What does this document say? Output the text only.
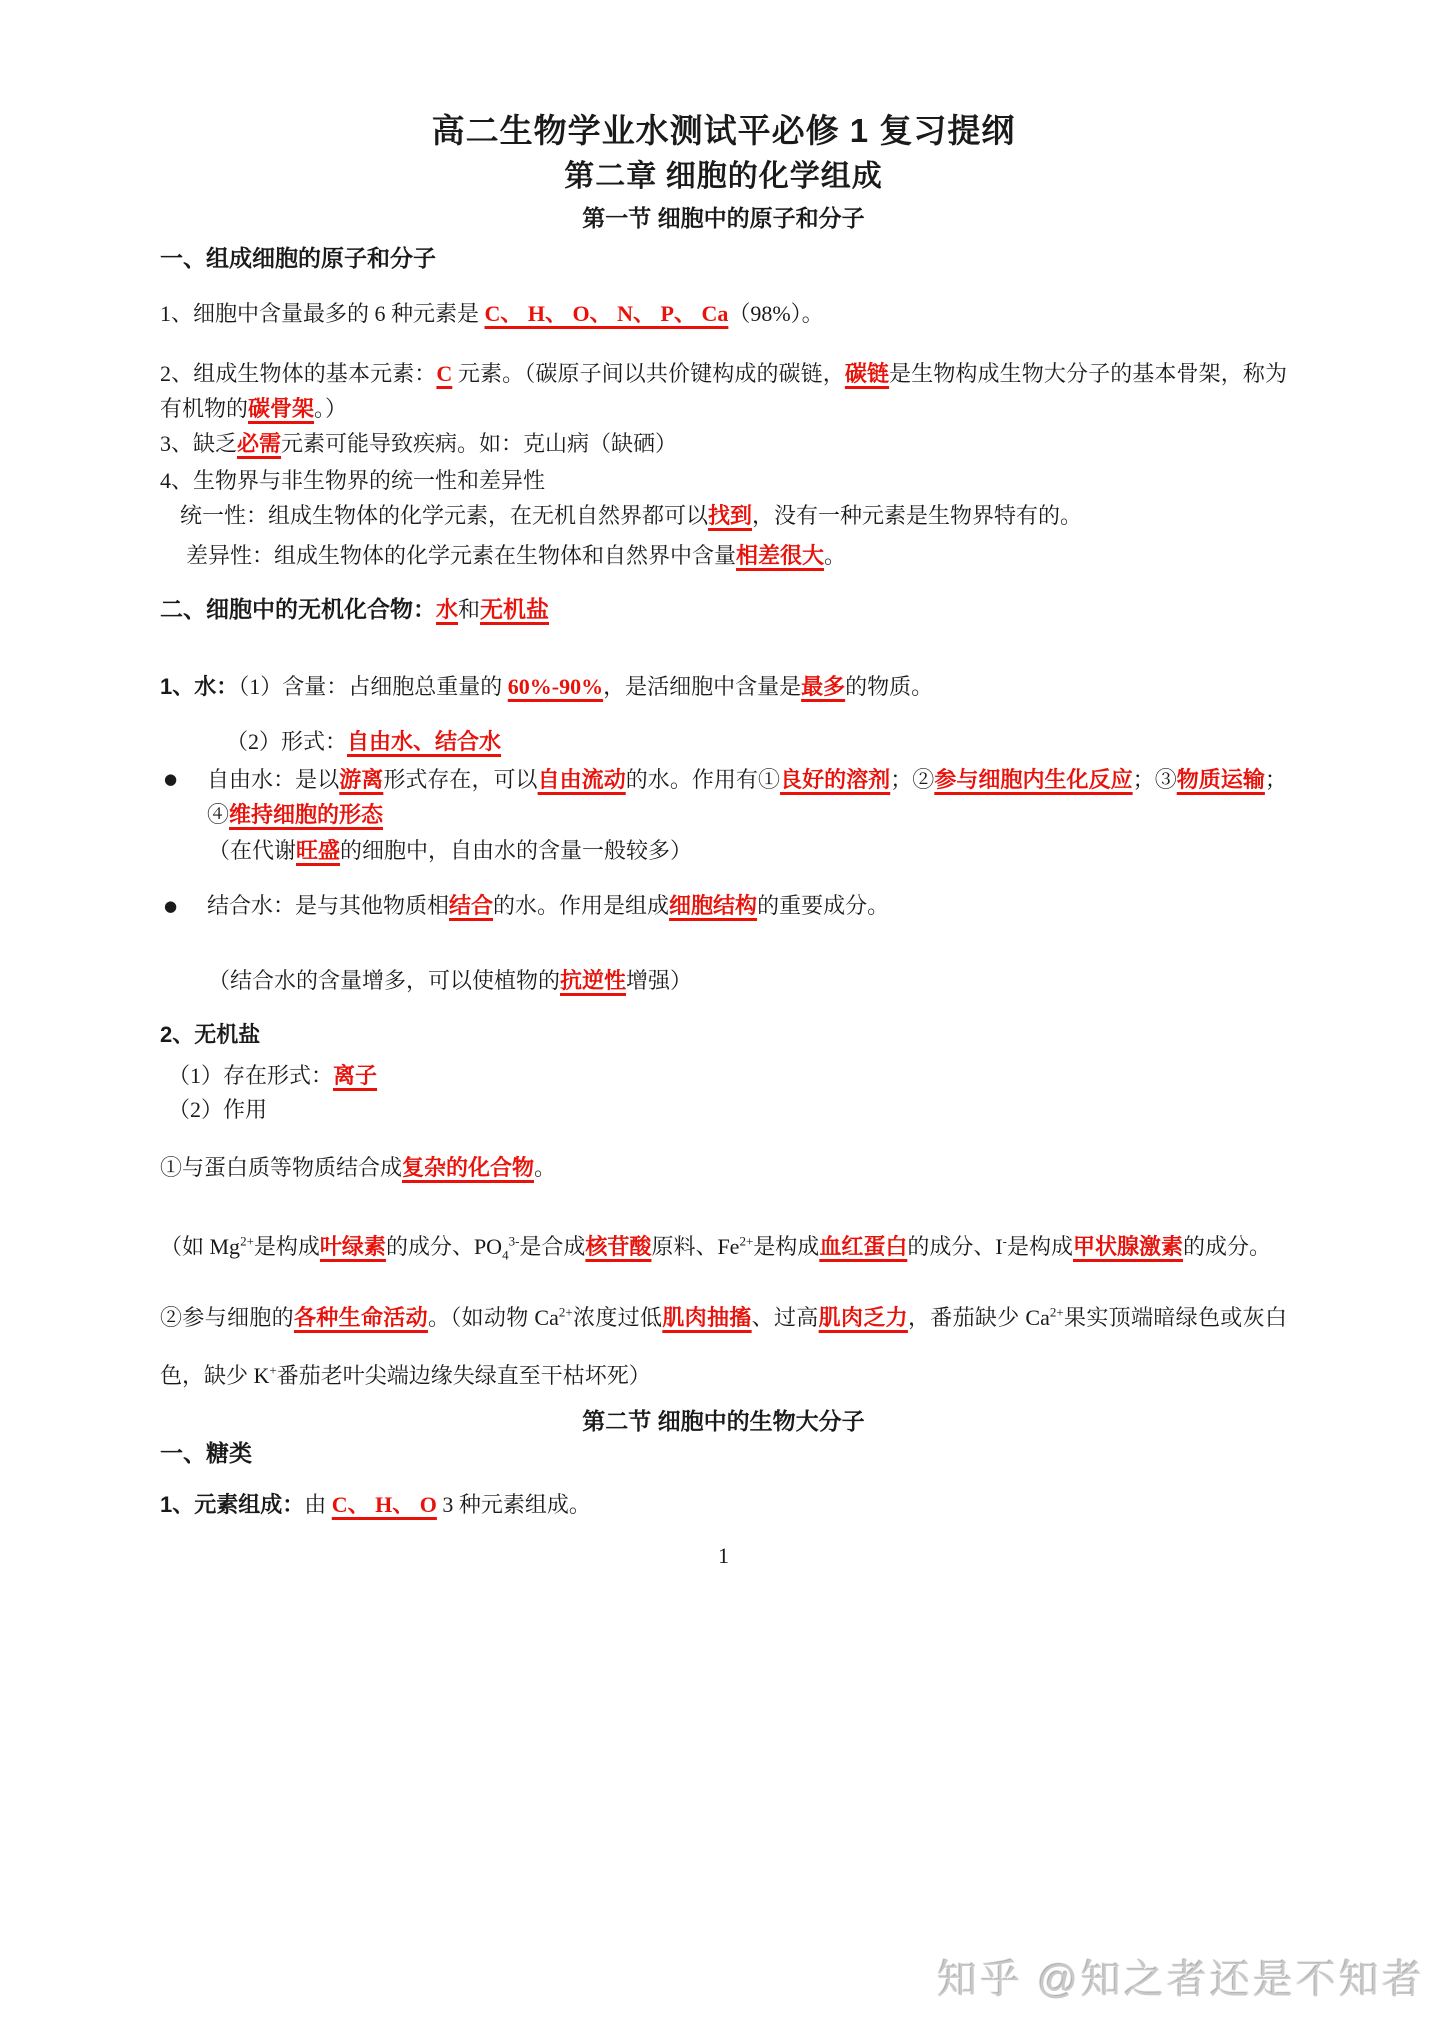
高二生物学业水测试平必修 1 复习提纲
第二章 细胞的化学组成
第一节 细胞中的原子和分子
一、组成细胞的原子和分子
1、细胞中含量最多的 6 种元素是 C、 H、 O、 N、 P、 Ca（98%）。
2、组成生物体的基本元素：C 元素。（碳原子间以共价键构成的碳链，碳链是生物构成生物大分子的基本骨架，称为有机物的碳骨架。）
3、缺乏必需元素可能导致疾病。如：克山病（缺硒）
4、生物界与非生物界的统一性和差异性
统一性：组成生物体的化学元素，在无机自然界都可以找到，没有一种元素是生物界特有的。
差异性：组成生物体的化学元素在生物体和自然界中含量相差很大。
二、细胞中的无机化合物：水和无机盐
1、水：（1）含量：占细胞总重量的 60%-90%，是活细胞中含量是最多的物质。
（2）形式：自由水、结合水
●	自由水：是以游离形式存在，可以自由流动的水。作用有①良好的溶剂；②参与细胞内生化反应；③物质运输；④维持细胞的形态
（在代谢旺盛的细胞中，自由水的含量一般较多）
●	结合水：是与其他物质相结合的水。作用是组成细胞结构的重要成分。
（结合水的含量增多，可以使植物的抗逆性增强）
2、无机盐
（1）存在形式：离子
（2）作用
①与蛋白质等物质结合成复杂的化合物。
（如 $Mg^{2+}$是构成叶绿素的成分、$PO_4^{3-}$是合成核苷酸原料、$Fe^{2+}$是构成血红蛋白的成分、I-是构成甲状腺激素的成分。
②参与细胞的各种生命活动。（如动物 $Ca^{2+}$浓度过低肌肉抽搐、过高肌肉乏力，番茄缺少 $Ca^{2+}$果实顶端暗绿色或灰白色，缺少 K+番茄老叶尖端边缘失绿直至干枯坏死）
第二节 细胞中的生物大分子
一、糖类
1、元素组成：由 C、 H、 O 3 种元素组成。
1
知乎 @知之者还是不知者
